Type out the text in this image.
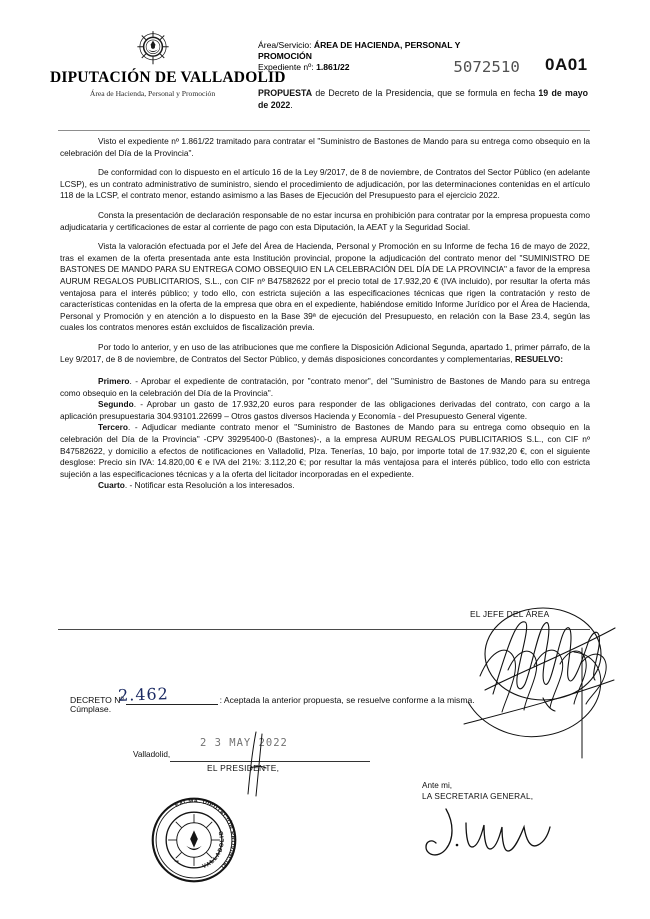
DIPUTACIÓN DE VALLADOLID
Área de Hacienda, Personal y Promoción
Área/Servicio: ÁREA DE HACIENDA, PERSONAL Y
PROMOCIÓN
Expediente nº: 1.861/22
PROPUESTA de Decreto de la Presidencia, que se formula en fecha 19 de mayo de 2022.
5072510 0A01

Visto el expediente nº 1.861/22 tramitado para contratar el "Suministro de Bastones de Mando para su entrega como obsequio en la celebración del Día de la Provincia".

De conformidad con lo dispuesto en el artículo 16 de la Ley 9/2017, de 8 de noviembre, de Contratos del Sector Público (en adelante LCSP), es un contrato administrativo de suministro, siendo el procedimiento de adjudicación, por las determinaciones contenidas en el artículo 118 de la LCSP, el contrato menor, estando asimismo a las Bases de Ejecución del Presupuesto para el ejercicio 2022.

Consta la presentación de declaración responsable de no estar incursa en prohibición para contratar por la empresa propuesta como adjudicataria y certificaciones de estar al corriente de pago con esta Diputación, la AEAT y la Seguridad Social.

Vista la valoración efectuada por el Jefe del Área de Hacienda, Personal y Promoción en su Informe de fecha 16 de mayo de 2022, tras el examen de la oferta presentada ante esta Institución provincial, propone la adjudicación del contrato menor del "SUMINISTRO DE BASTONES DE MANDO PARA SU ENTREGA COMO OBSEQUIO EN LA CELEBRACIÓN DEL DÍA DE LA PROVINCIA" a favor de la empresa AURUM REGALOS PUBLICITARIOS, S.L., con CIF nº B47582622 por el precio total de 17.932,20 € (IVA incluido), por resultar la oferta más ventajosa para el interés público; y todo ello, con estricta sujeción a las especificaciones técnicas que rigen la contratación y resto de características contenidas en la oferta de la empresa que obra en el expediente, habiéndose emitido Informe Jurídico por el Área de Hacienda, Personal y Promoción y en atención a lo dispuesto en la Base 39ª de ejecución del Presupuesto, en relación con la Base 23.4, según las cuales los contratos menores están excluidos de fiscalización previa.

Por todo lo anterior, y en uso de las atribuciones que me confiere la Disposición Adicional Segunda, apartado 1, primer párrafo, de la Ley 9/2017, de 8 de noviembre, de Contratos del Sector Público, y demás disposiciones concordantes y complementarias, RESUELVO:

Primero. - Aprobar el expediente de contratación, por "contrato menor", del "Suministro de Bastones de Mando para su entrega como obsequio en la celebración del Día de la Provincia".

Segundo. - Aprobar un gasto de 17.932,20 euros para responder de las obligaciones derivadas del contrato, con cargo a la aplicación presupuestaria 304.93101.22699 – Otros gastos diversos Hacienda y Economía - del Presupuesto General vigente.

Tercero. - Adjudicar mediante contrato menor el "Suministro de Bastones de Mando para su entrega como obsequio en la celebración del Día de la Provincia" -CPV 39295400-0 (Bastones)-, a la empresa AURUM REGALOS PUBLICITARIOS S.L., con CIF nº B47582622, y domicilio a efectos de notificaciones en Valladolid, Plza. Tenerías, 10 bajo, por importe total de 17.932,20 €, con el siguiente desglose: Precio sin IVA: 14.820,00 € e IVA del 21%: 3.112,20 €; por resultar la más ventajosa para el interés público, todo ello con estricta sujeción a las especificaciones técnicas y a la oferta del licitador incorporadas en el expediente.

Cuarto. - Notificar esta Resolución a los interesados.

EL JEFE DEL ÁREA
DECRETO Nº	: Aceptada la anterior propuesta, se resuelve conforme a la misma.
2.462
Cúmplase.
Valladolid,
2 3 MAY 2022
EL PRESIDENTE,
Ante mi,
LA SECRETARIA GENERAL,
EXCMA. DIPUTACIÓN PROVINCIAL
VALLADOLID
